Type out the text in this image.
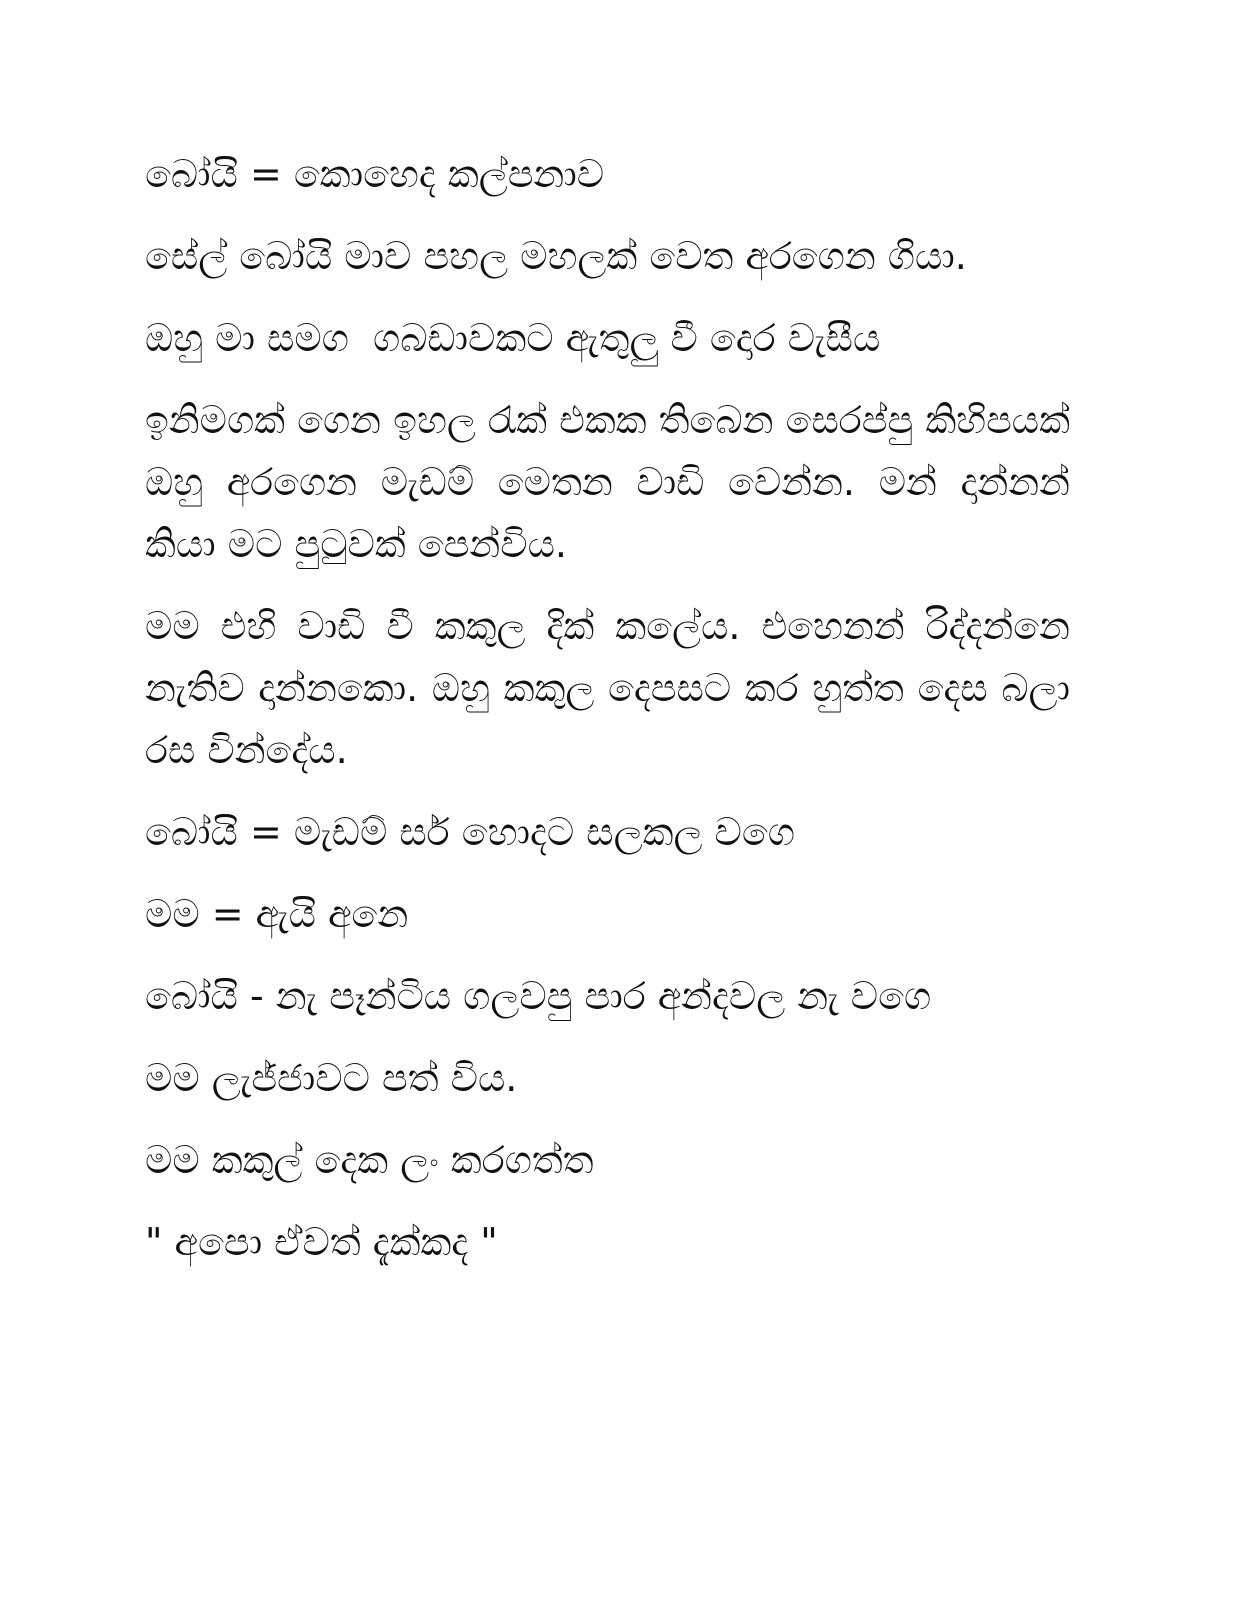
බෝයි = කොහෙද කල්පනාව

සේල් බෝයි මාව පහල මහලක් වෙත අරගෙන ගියා.

ඔහු මා සමග  ගබඩාවකට ඇතුලු වී දොර වැසීය

ඉනිමගක් ගෙන ඉහල රැක් එකක තිබෙන සෙරප්පු කිහිපයක් ඔහු අරගෙන මැඩම් මෙතන වාඩි වෙන්න. මන් දාන්නන් කියා මට පුටුවක් පෙන්විය.

මම එහි වාඩි වී කකුල දික් කලේය. එහෙනන් රිද්දන්නෙ නැතිව දාන්නකො. ඔහු කකුල දෙපසට කර හුත්ත දෙස බලා රස වින්දේය.

බෝයි = මැඩම් සර් හොදට සලකල වගෙ

මම = ඇයි අනෙ

බෝයි - නැ පෑන්ටිය ගලවපු පාර අන්දවල නැ වගෙ

මම ලැජ්ජාවට පත් විය.

මම කකුල් දෙක ලං කරගත්ත

" අපො ඒවත් දැක්කද "
